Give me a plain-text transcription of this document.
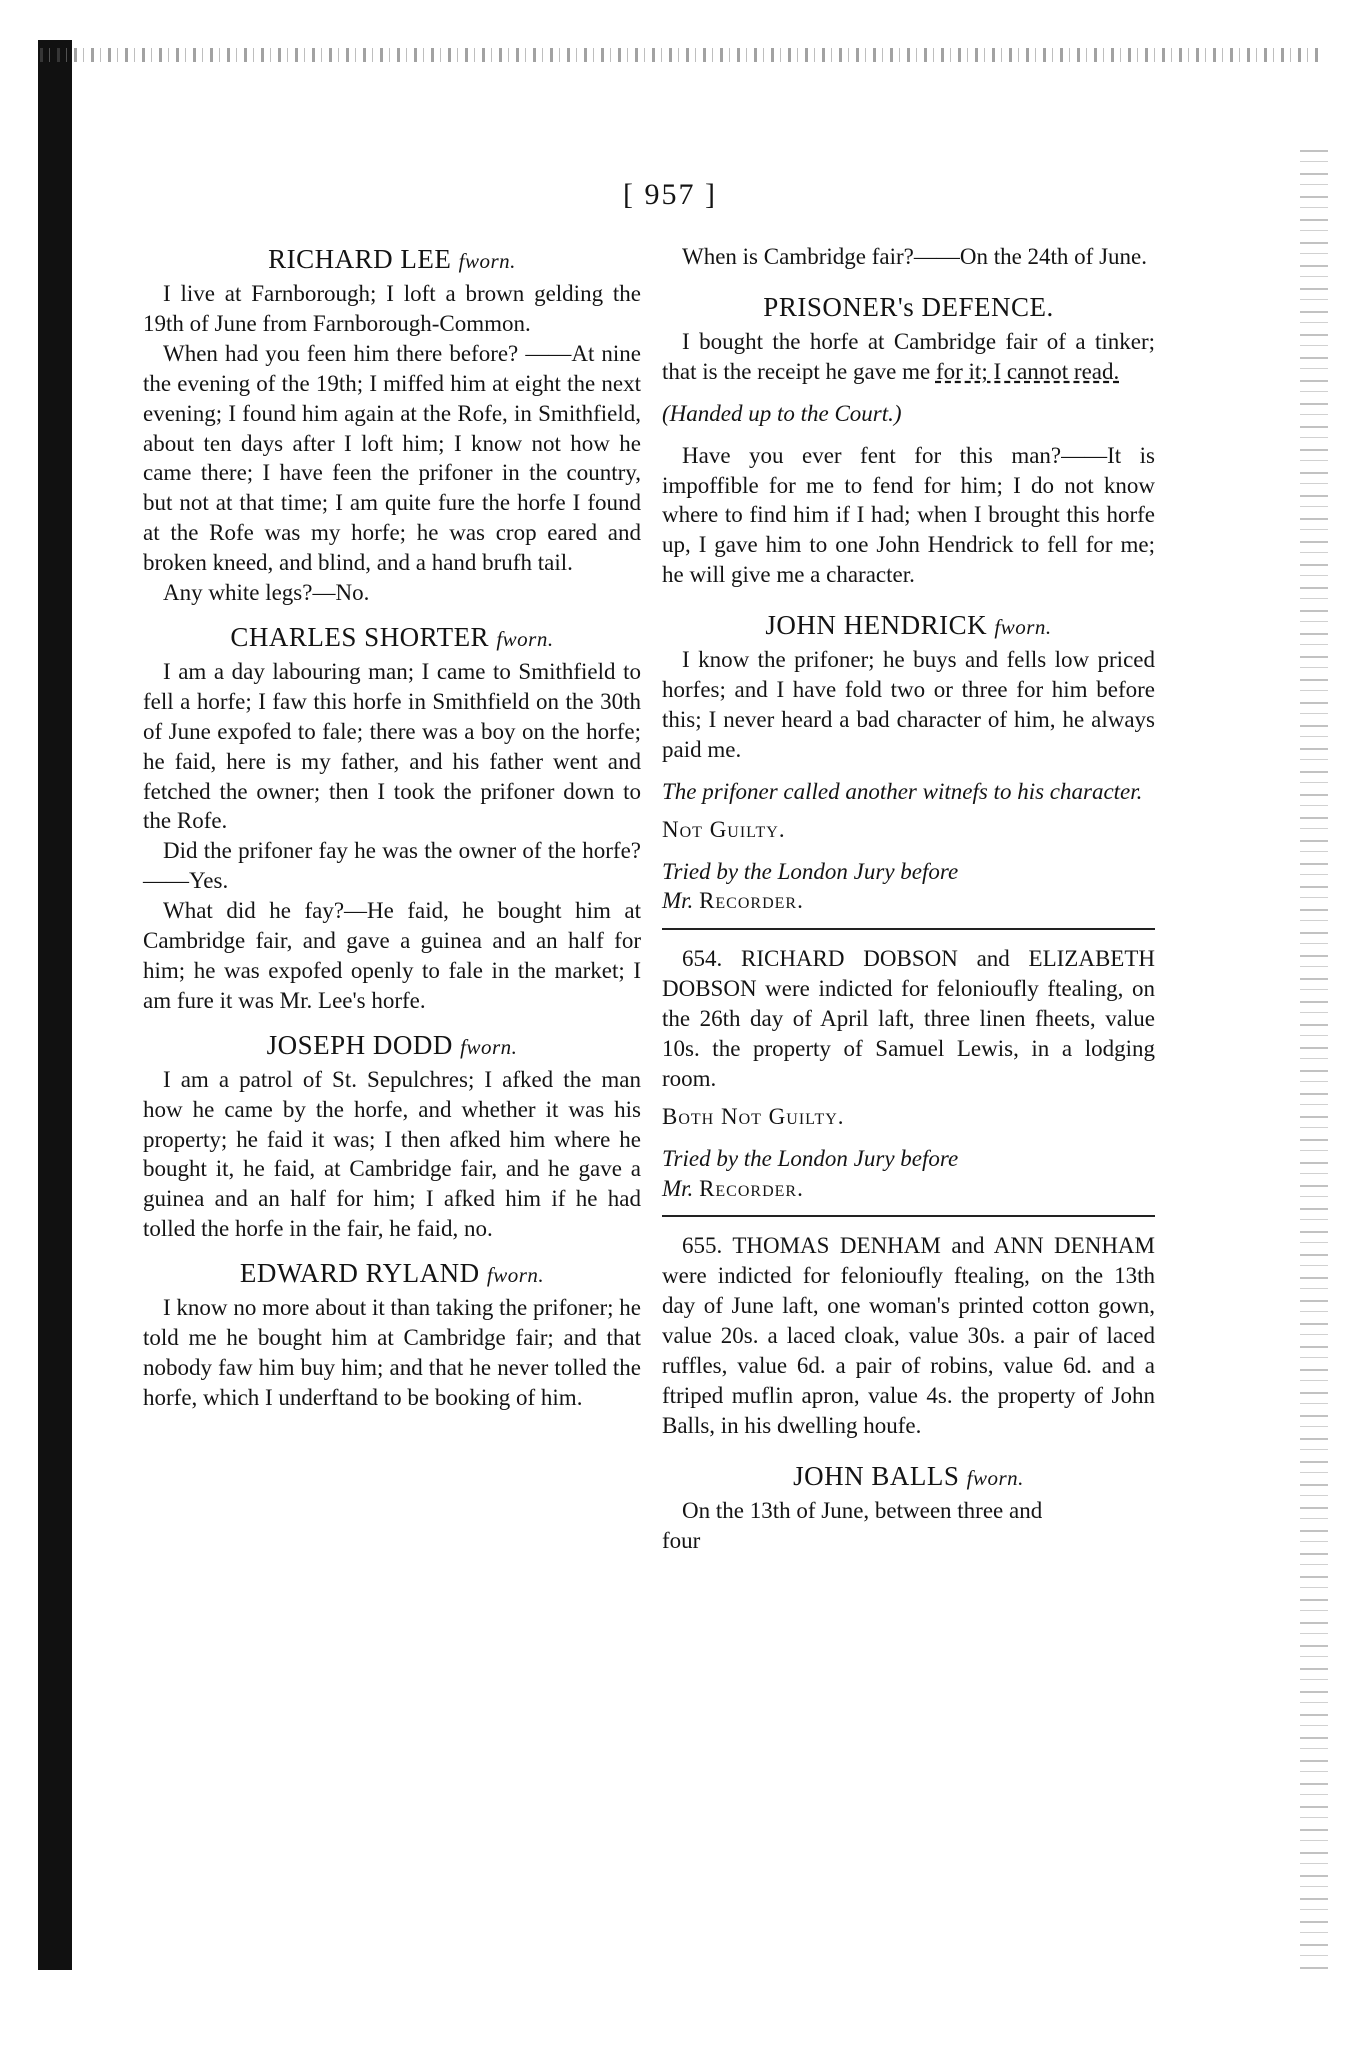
[ 957 ]
RICHARD LEE fworn.

I live at Farnborough; I loft a brown gelding the 19th of June from Farnborough-Common.

When had you feen him there before? ——At nine the evening of the 19th; I miffed him at eight the next evening; I found him again at the Rofe, in Smithfield, about ten days after I loft him; I know not how he came there; I have feen the prifoner in the country, but not at that time; I am quite fure the horfe I found at the Rofe was my horfe; he was crop eared and broken kneed, and blind, and a hand brufh tail.

Any white legs?—No.

CHARLES SHORTER fworn.

I am a day labouring man; I came to Smithfield to fell a horfe; I faw this horfe in Smithfield on the 30th of June expofed to fale; there was a boy on the horfe; he faid, here is my father, and his father went and fetched the owner; then I took the prifoner down to the Rofe.

Did the prifoner fay he was the owner of the horfe?——Yes.

What did he fay?—He faid, he bought him at Cambridge fair, and gave a guinea and an half for him; he was expofed openly to fale in the market; I am fure it was Mr. Lee's horfe.

JOSEPH DODD fworn.

I am a patrol of St. Sepulchres; I afked the man how he came by the horfe, and whether it was his property; he faid it was; I then afked him where he bought it, he faid, at Cambridge fair, and he gave a guinea and an half for him; I afked him if he had tolled the horfe in the fair, he faid, no.

EDWARD RYLAND fworn.

I know no more about it than taking the prifoner; he told me he bought him at Cambridge fair; and that nobody faw him buy him; and that he never tolled the horfe, which I underftand to be booking of him.

When is Cambridge fair?——On the 24th of June.

PRISONER's DEFENCE.

I bought the horfe at Cambridge fair of a tinker; that is the receipt he gave me for it; I cannot read.

(Handed up to the Court.)

Have you ever fent for this man?——It is impoffible for me to fend for him; I do not know where to find him if I had; when I brought this horfe up, I gave him to one John Hendrick to fell for me; he will give me a character.

JOHN HENDRICK fworn.

I know the prifoner; he buys and fells low priced horfes; and I have fold two or three for him before this; I never heard a bad character of him, he always paid me.

The prifoner called another witnefs to his character.

Not Guilty.

Tried by the London Jury before

Mr. Recorder.

654. RICHARD DOBSON and ELIZABETH DOBSON were indicted for felonioufly ftealing, on the 26th day of April laft, three linen fheets, value 10s. the property of Samuel Lewis, in a lodging room.

Both Not Guilty.

Tried by the London Jury before

Mr. Recorder.

655. THOMAS DENHAM and ANN DENHAM were indicted for felonioufly ftealing, on the 13th day of June laft, one woman's printed cotton gown, value 20s. a laced cloak, value 30s. a pair of laced ruffles, value 6d. a pair of robins, value 6d. and a ftriped muflin apron, value 4s. the property of John Balls, in his dwelling houfe.

JOHN BALLS fworn.

On the 13th of June, between three and

four
